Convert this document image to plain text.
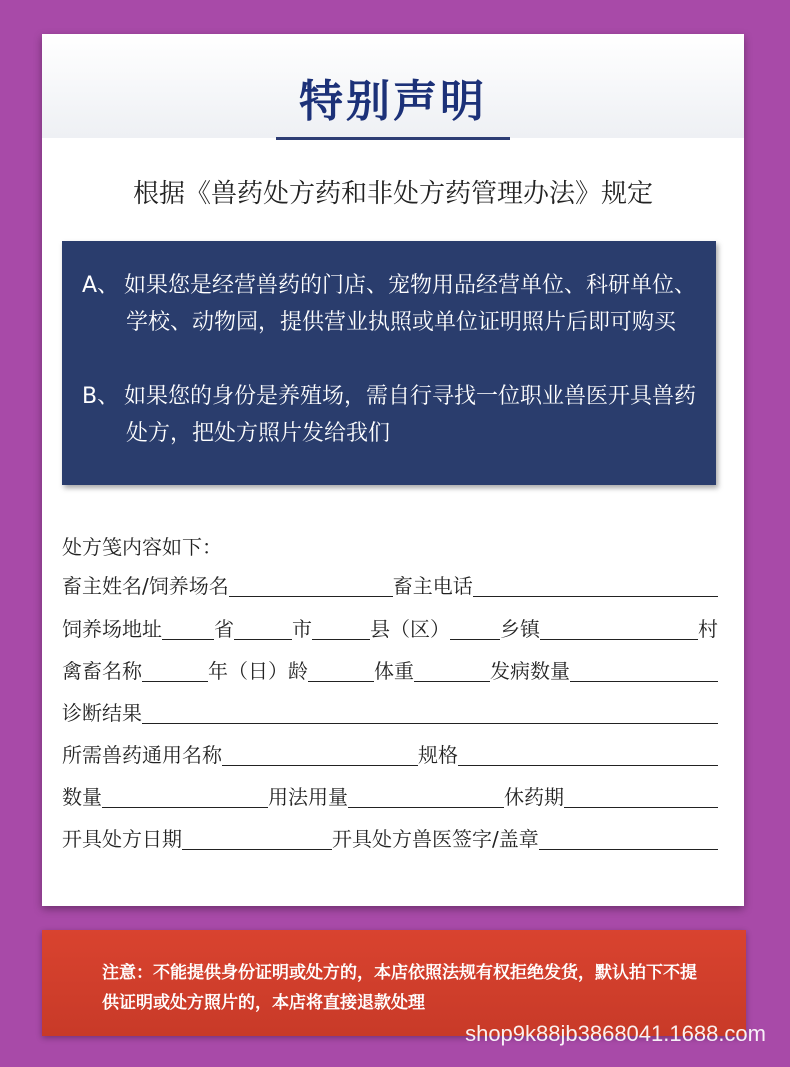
特别声明
根据《兽药处方药和非处方药管理办法》规定
A、 如果您是经营兽药的门店、宠物用品经营单位、科研单位、学校、动物园，提供营业执照或单位证明照片后即可购买
B、 如果您的身份是养殖场，需自行寻找一位职业兽医开具兽药处方，把处方照片发给我们
处方笺内容如下：
畜主姓名/饲养场名	畜主电话
饲养场地址	省	市	县（区）	乡镇	村
禽畜名称	年（日）龄	体重	发病数量
诊断结果
所需兽药通用名称	规格
数量	用法用量	休药期
开具处方日期	开具处方兽医签字/盖章
注意：不能提供身份证明或处方的，本店依照法规有权拒绝发货，默认拍下不提供证明或处方照片的，本店将直接退款处理
shop9k88jb3868041.1688.com
